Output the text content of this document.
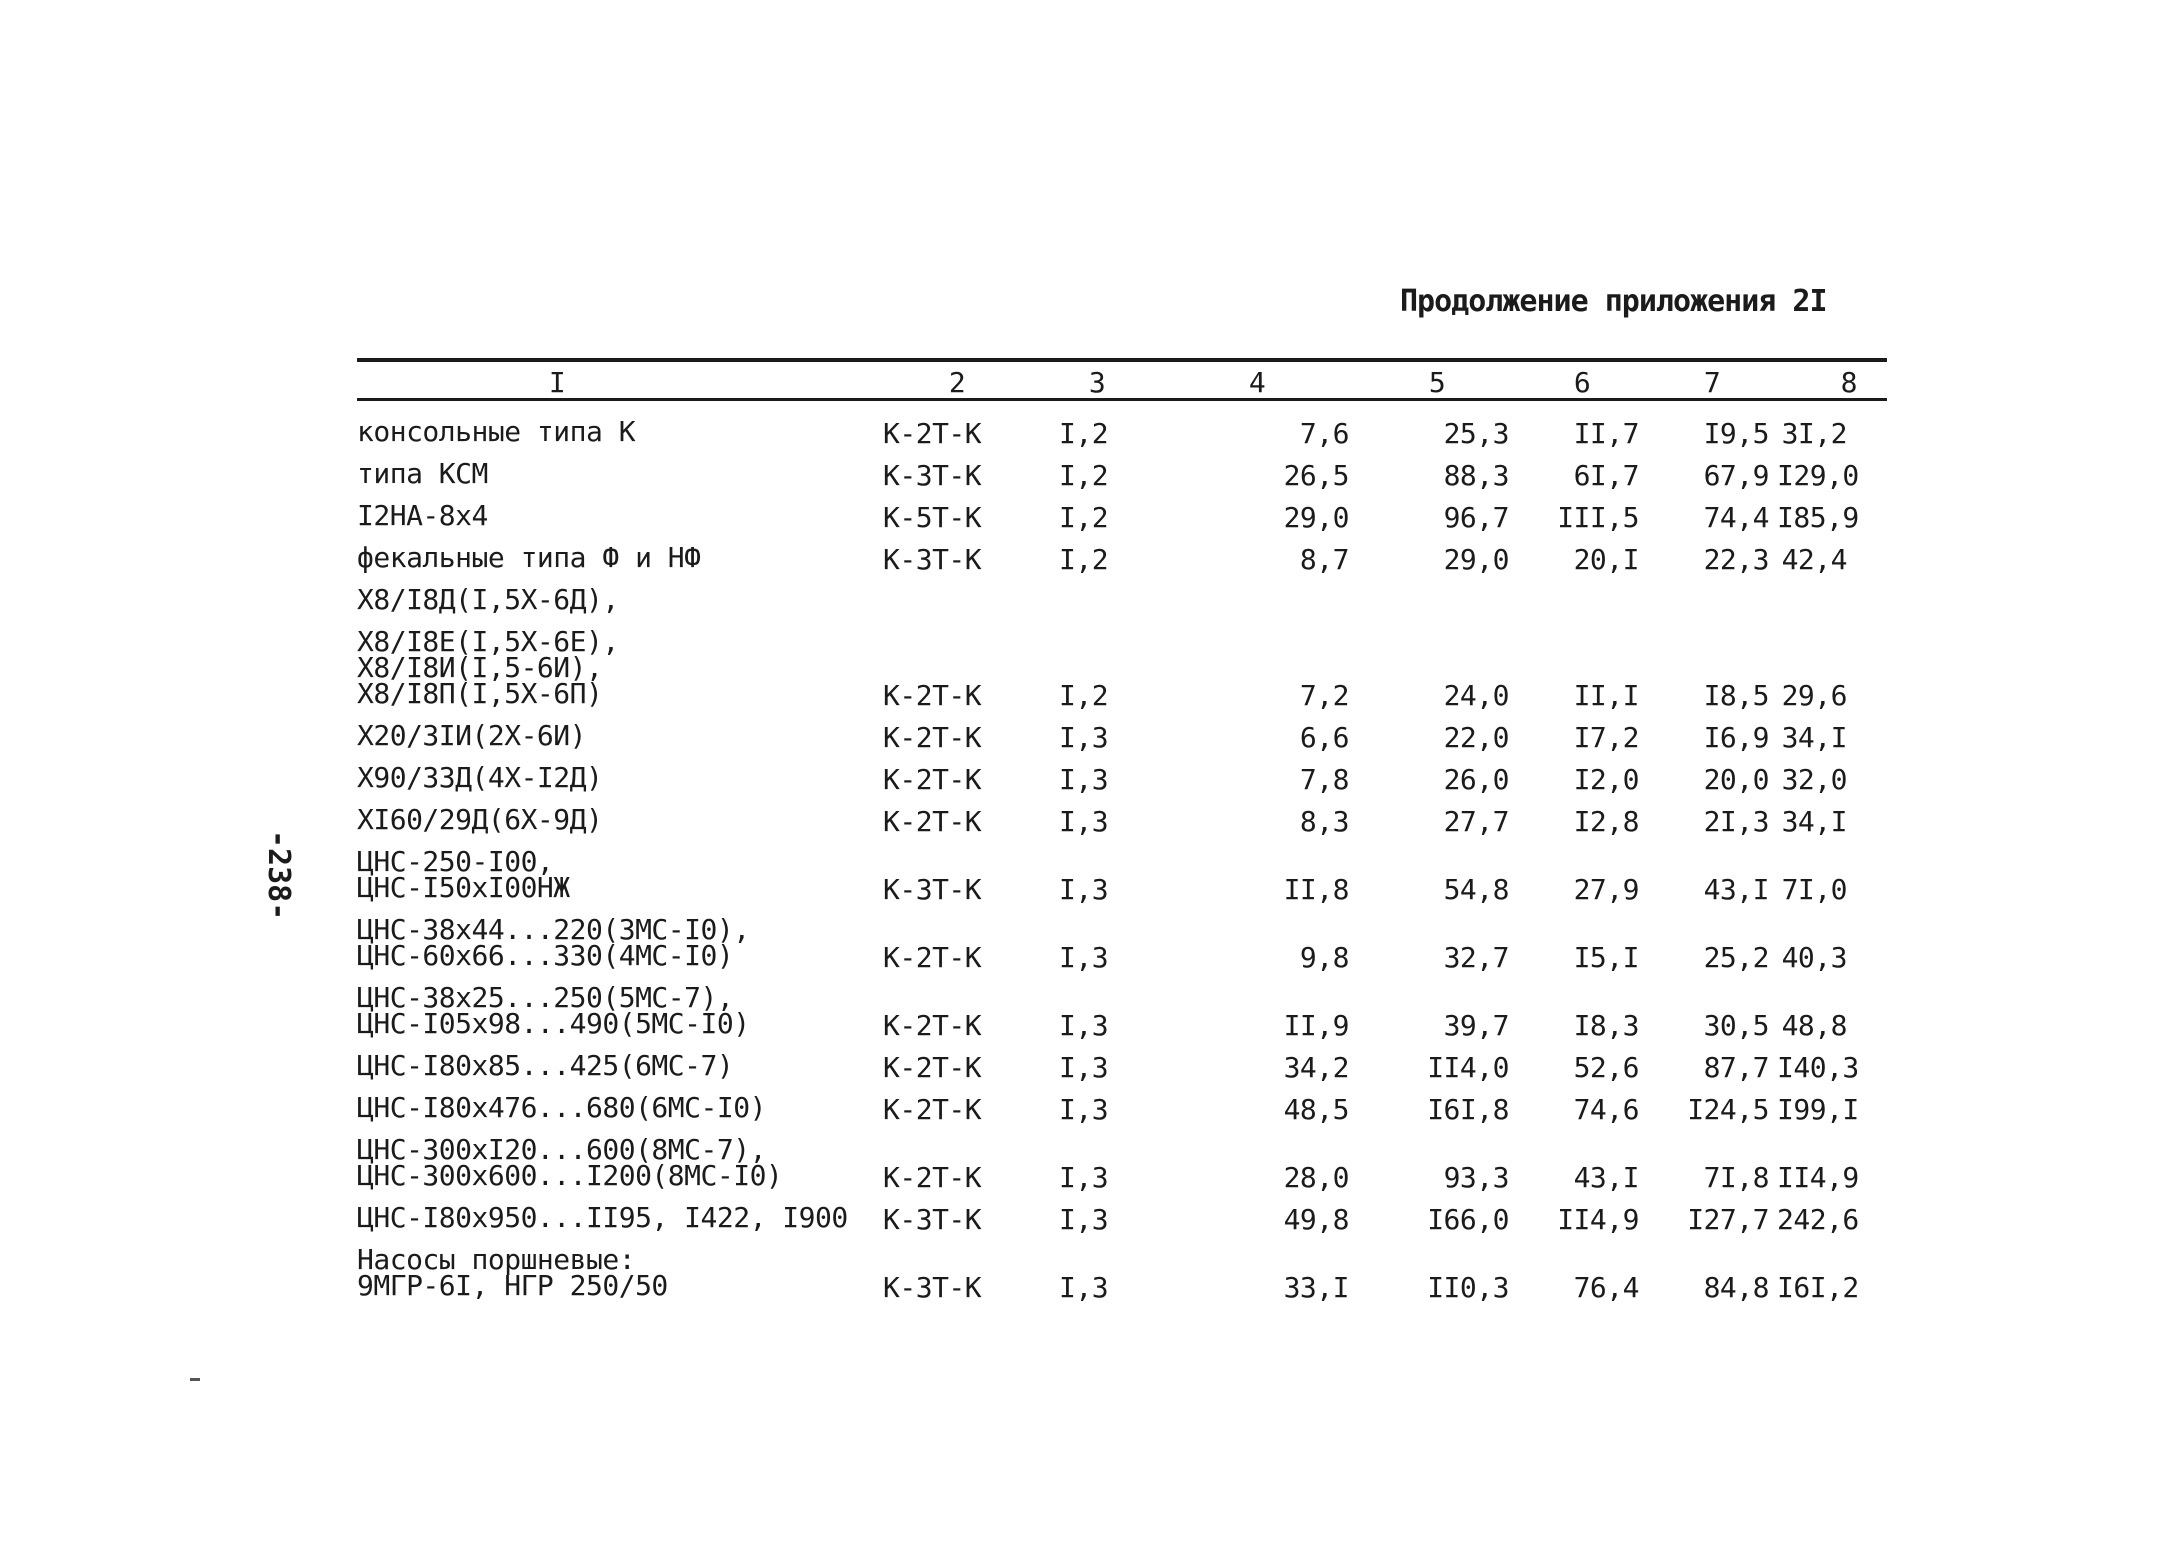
Продолжение приложения 2I
-238-
I	2	3	4	5	6	7	8

консольные типа К	К-2Т-К	I,2	7,6	25,3	II,7	I9,5	3I,2

типа КСМ	К-3Т-К	I,2	26,5	88,3	6I,7	67,9	I29,0

I2НА-8х4	К-5Т-К	I,2	29,0	96,7	III,5	74,4	I85,9

фекальные типа Ф и НФ	К-3Т-К	I,2	8,7	29,0	20,I	22,3	42,4

Х8/I8Д(I,5Х-6Д),							

Х8/I8Е(I,5Х-6Е),
Х8/I8И(I,5-6И),
Х8/I8П(I,5Х-6П)	К-2Т-К	I,2	7,2	24,0	II,I	I8,5	29,6

Х20/3IИ(2Х-6И)	К-2Т-К	I,3	6,6	22,0	I7,2	I6,9	34,I

Х90/33Д(4Х-I2Д)	К-2Т-К	I,3	7,8	26,0	I2,0	20,0	32,0

ХI60/29Д(6Х-9Д)	К-2Т-К	I,3	8,3	27,7	I2,8	2I,3	34,I

ЦНС-250-I00,
ЦНС-I50хI00НЖ	К-3Т-К	I,3	II,8	54,8	27,9	43,I	7I,0

ЦНС-38х44...220(3МС-I0),
ЦНС-60х66...330(4МС-I0)	К-2Т-К	I,3	9,8	32,7	I5,I	25,2	40,3

ЦНС-38х25...250(5МС-7),
ЦНС-I05х98...490(5МС-I0)	К-2Т-К	I,3	II,9	39,7	I8,3	30,5	48,8

ЦНС-I80х85...425(6МС-7)	К-2Т-К	I,3	34,2	II4,0	52,6	87,7	I40,3

ЦНС-I80х476...680(6МС-I0)	К-2Т-К	I,3	48,5	I6I,8	74,6	I24,5	I99,I

ЦНС-300хI20...600(8МС-7),
ЦНС-300х600...I200(8МС-I0)	К-2Т-К	I,3	28,0	93,3	43,I	7I,8	II4,9

ЦНС-I80х950...II95, I422, I900	К-3Т-К	I,3	49,8	I66,0	II4,9	I27,7	242,6

Насосы поршневые:
9МГР-6I, НГР 250/50	К-3Т-К	I,3	33,I	II0,3	76,4	84,8	I6I,2
